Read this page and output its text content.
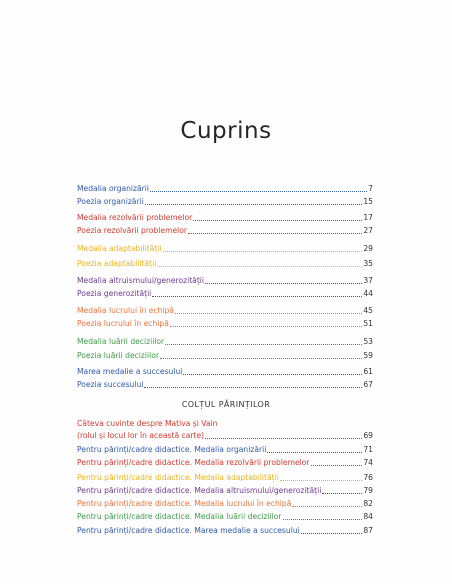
Cuprins
Medalia organizării	7
Poezia organizării	15
Medalia rezolvării problemelor	17
Poezia rezolvării problemelor	27
Medalia adaptabilității	29
Poezia adaptabilității	35
Medalia altruismului/generozității	37
Poezia generozității	44
Medalia lucrului în echipă	45
Poezia lucrului în echipă	51
Medalia luării deciziilor	53
Poezia luării deciziilor	59
Marea medalie a succesului	61
Poezia succesului	67
COLȚUL PĂRINȚILOR
Câteva cuvinte despre Mativa și Vain
(rolul și locul lor în această carte)	69
Pentru părinți/cadre didactice. Medalia organizării	71
Pentru părinți/cadre didactice. Medalia rezolvării problemelor	74
Pentru părinți/cadre didactice. Medalia adaptabilității	76
Pentru părinți/cadre didactice. Medalia altruismului/generozității	79
Pentru părinți/cadre didactice. Medalia lucrului în echipă	82
Pentru părinți/cadre didactice. Medalia luării deciziilor	84
Pentru părinți/cadre didactice. Marea medalie a succesului	87
